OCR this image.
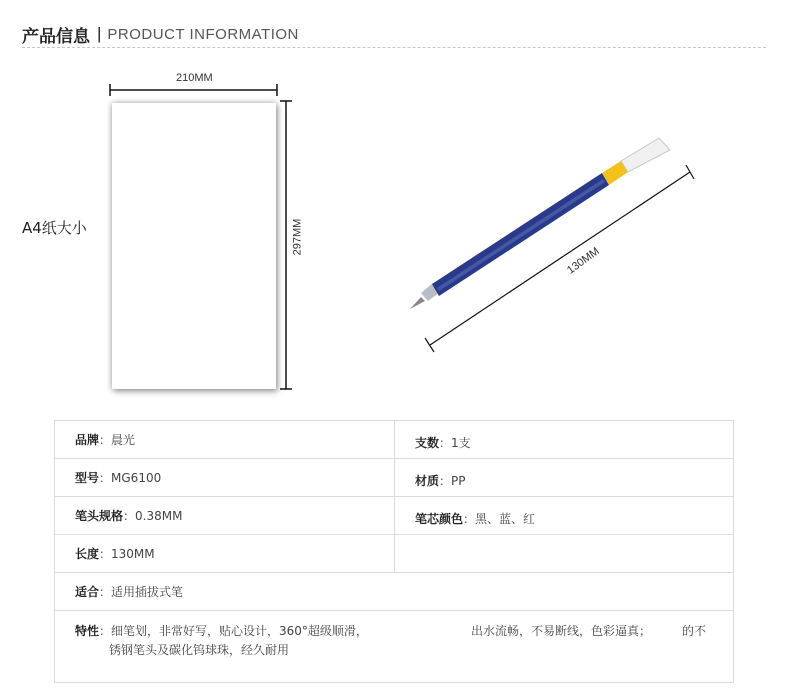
产品信息 | PRODUCT INFORMATION
A4纸大小
210MM
297MM
130MM
品牌：晨光	支数：1支
型号：MG6100	材质：PP
笔头规格：0.38MM	笔芯颜色：黑、蓝、红
长度：130MM	
适合：适用插拔式笔	

特性：细笔划，非常好写，贴心设计，360°超级顺滑， 出水流畅，不易断线，色彩逼真； 的不
锈钢笔头及碳化钨球珠，经久耐用	
